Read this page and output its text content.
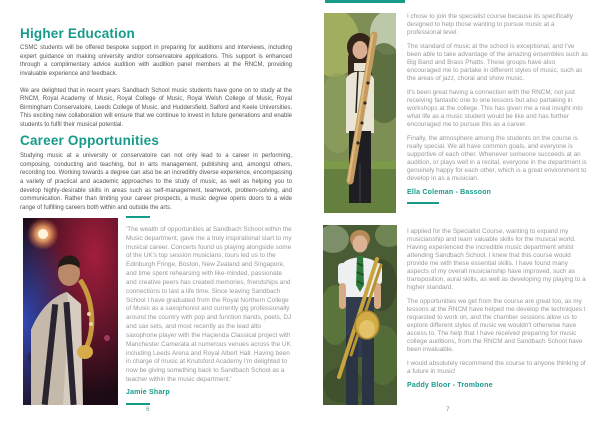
Higher Education

CSMC students will be offered bespoke support in preparing for auditions and interviews, including expert guidance on making university and/or conservatoire applications. This support is enhanced through a complimentary advice audition with audition panel members at the RNCM, providing invaluable experience and feedback.

We are delighted that in recent years Sandbach School music students have gone on to study at the RNCM, Royal Academy of Music, Royal College of Music, Royal Welsh College of Music, Royal Birmingham Conservatoire, Leeds College of Music, and Huddersfield, Salford and Keele Universities. This exciting new collaboration will ensure that we continue to invest in future generations and enable students to fulfil their musical potential.

Career Opportunities

Studying music at a university or conservatoire can not only lead to a career in performing, composing, conducting and teaching, but in arts management, publishing and, amongst others, recording too. Working towards a degree can also be an incredibly diverse experience, encompassing a variety of practical and academic approaches to the study of music, as well as helping you to develop highly-desirable skills in areas such as self-management, teamwork, problem-solving, and communication. Rather than limiting your career prospects, a music degree opens doors to a wide range of fulfilling careers both within and outside the arts.

'The wealth of opportunities at Sandbach School within the Music department, gave me a truly inspirational start to my musical career. Concerts found us playing alongside some of the UK's top session musicians; tours led us to the Edinburgh Fringe, Boston, New Zealand and Singapore, and time spent rehearsing with like-minded, passionate and creative peers has created memories, friendships and connections to last a life time. Since leaving Sandbach School I have graduated from the Royal Northern College of Music as a saxophonist and currently gig professionally around the country with pop and function bands, poets, DJ and sax sets, and most recently as the lead alto saxophone player with the Haçienda Classical project with Manchester Camerata at numerous venues across the UK including Leeds Arena and Royal Albert Hall. Having been in charge of music at Knutsford Academy I'm delighted to now be giving something back to Sandbach School as a teacher within the music department.'

Jamie Sharp
6

I chose to join the specialist course because its specifically designed to help those wanting to pursue music at a professional level.

The standard of music at the school is exceptional, and I've been able to take advantage of the amazing ensembles such as Big Band and Brass Phatts. These groups have also encouraged me to partake in different styles of music, such as the areas of jazz, choral and show music.

It's been great having a connection with the RNCM, not just receiving fantastic one to one lessons but also partaking in workshops at the college. This has given me a real insight into what life as a music student would be like and has further encouraged me to pursue this as a career.

Finally, the atmosphere among the students on the course is really special. We all have common goals, and everyone is supportive of each other. Whenever someone succeeds at an audition, or plays well in a recital, everyone in the department is genuinely happy for each other, which is a great environment to develop in as a musician.

Ella Coleman - Bassoon

I applied for the Specialist Course, wanting to expand my musicianship and learn valuable skills for the musical world. Having experienced the incredible music department whilst attending Sandbach School, I knew that this course would provide me with these essential skills. I have found many aspects of my overall musicianship have improved, such as transposition, aural skills, as well as developing my playing to a higher standard.

The opportunities we get from the course are great too, as my lessons at the RNCM have helped me develop the techniques I requested to work on, and the chamber sessions allow us to explore different styles of music we wouldn't otherwise have access to. The help that I have received preparing for music college auditions, from the RNCM and Sandbach School have been invaluable.

I would absolutely recommend the course to anyone thinking of a future in music!

Paddy Bloor - Trombone
7
